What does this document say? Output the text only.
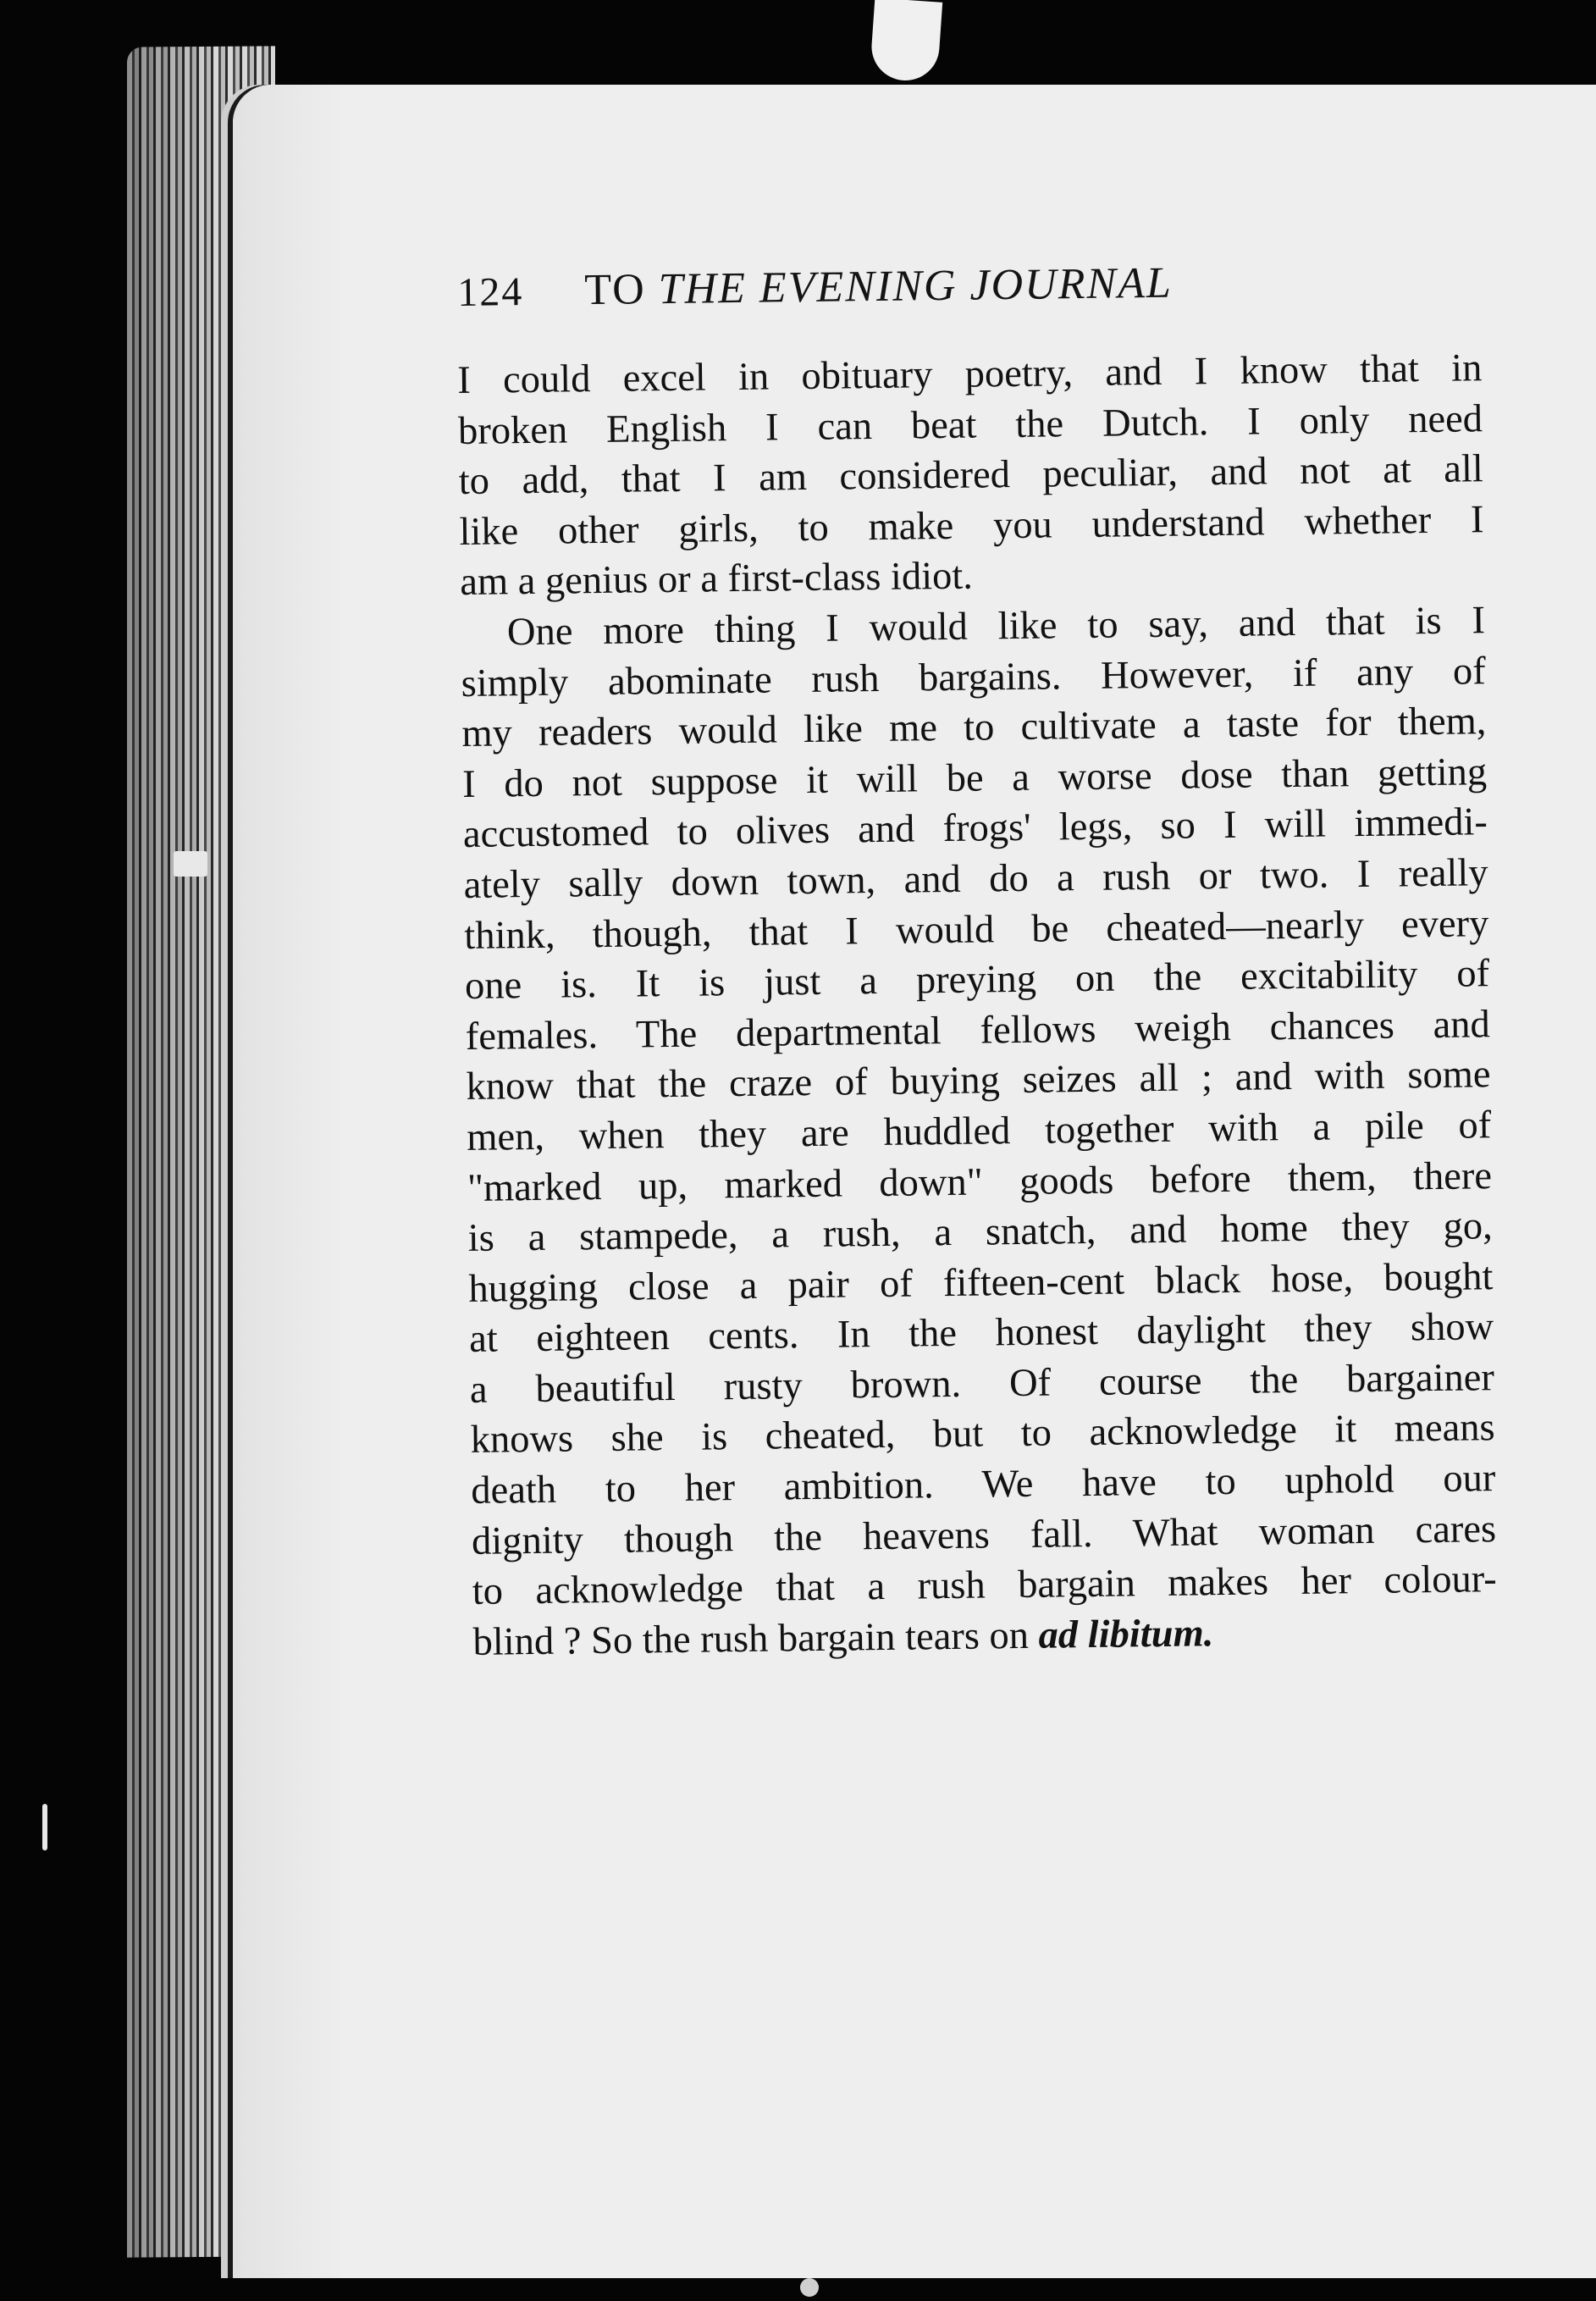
124 TO THE EVENING JOURNAL
I could excel in obituary poetry, and I know that in
broken English I can beat the Dutch. I only need
to add, that I am considered peculiar, and not at all
like other girls, to make you understand whether I
am a genius or a first-class idiot.
One more thing I would like to say, and that is I
simply abominate rush bargains. However, if any of
my readers would like me to cultivate a taste for them,
I do not suppose it will be a worse dose than getting
accustomed to olives and frogs' legs, so I will immedi-
ately sally down town, and do a rush or two. I really
think, though, that I would be cheated—nearly every
one is. It is just a preying on the excitability of
females. The departmental fellows weigh chances and
know that the craze of buying seizes all ; and with some
men, when they are huddled together with a pile of
"marked up, marked down" goods before them, there
is a stampede, a rush, a snatch, and home they go,
hugging close a pair of fifteen-cent black hose, bought
at eighteen cents. In the honest daylight they show
a beautiful rusty brown. Of course the bargainer
knows she is cheated, but to acknowledge it means
death to her ambition. We have to uphold our
dignity though the heavens fall. What woman cares
to acknowledge that a rush bargain makes her colour-
blind ? So the rush bargain tears on ad libitum.
